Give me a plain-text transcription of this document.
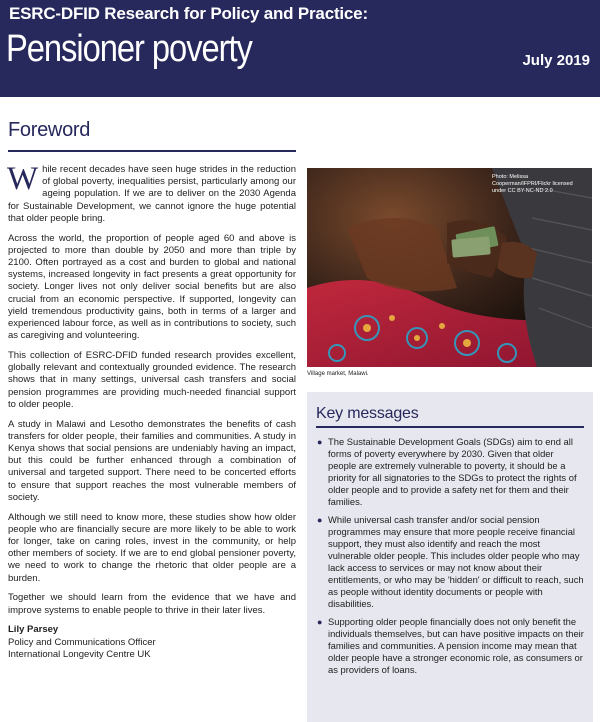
ESRC-DFID Research for Policy and Practice:
Pensioner poverty	July 2019
Foreword

While recent decades have seen huge strides in the reduction of global poverty, inequalities persist, particularly among our ageing population. If we are to deliver on the 2030 Agenda for Sustainable Development, we cannot ignore the huge potential that older people bring.

Across the world, the proportion of people aged 60 and above is projected to more than double by 2050 and more than triple by 2100. Often portrayed as a cost and burden to global and national systems, increased longevity in fact presents a great opportunity for society. Longer lives not only deliver social benefits but are also crucial from an economic perspective. If supported, longevity can yield tremendous productivity gains, both in terms of a larger and experienced labour force, as well as in contributions to society, such as caregiving and volunteering.

This collection of ESRC-DFID funded research provides excellent, globally relevant and contextually grounded evidence. The research shows that in many settings, universal cash transfers and social pension programmes are providing much-needed financial support to older people.

A study in Malawi and Lesotho demonstrates the benefits of cash transfers for older people, their families and communities. A study in Kenya shows that social pensions are undeniably having an impact, but this could be further enhanced through a combination of universal and targeted support. There need to be concerted efforts to ensure that support reaches the most vulnerable members of society.

Although we still need to know more, these studies show how older people who are financially secure are more likely to be able to work for longer, take on caring roles, invest in the community, or help other members of society. If we are to end global pensioner poverty, we need to work to change the rhetoric that older people are a burden.

Together we should learn from the evidence that we have and improve systems to enable people to thrive in their later lives.

Lily Parsey
Policy and Communications Officer
International Longevity Centre UK
Photo: Melissa Cooperman/IFPRI/Flickr licensed under CC BY-NC-ND 2.0
Village market, Malawi.
Key messages
● The Sustainable Development Goals (SDGs) aim to end all forms of poverty everywhere by 2030. Given that older people are extremely vulnerable to poverty, it should be a priority for all signatories to the SDGs to protect the rights of older people and to provide a safety net for them and their families.
● While universal cash transfer and/or social pension programmes may ensure that more people receive financial support, they must also identify and reach the most vulnerable older people. This includes older people who may lack access to services or may not know about their entitlements, or who may be 'hidden' or difficult to reach, such as people without identity documents or people with disabilities.
● Supporting older people financially does not only benefit the individuals themselves, but can have positive impacts on their families and communities. A pension income may mean that older people have a stronger economic role, as consumers or as providers of loans.
